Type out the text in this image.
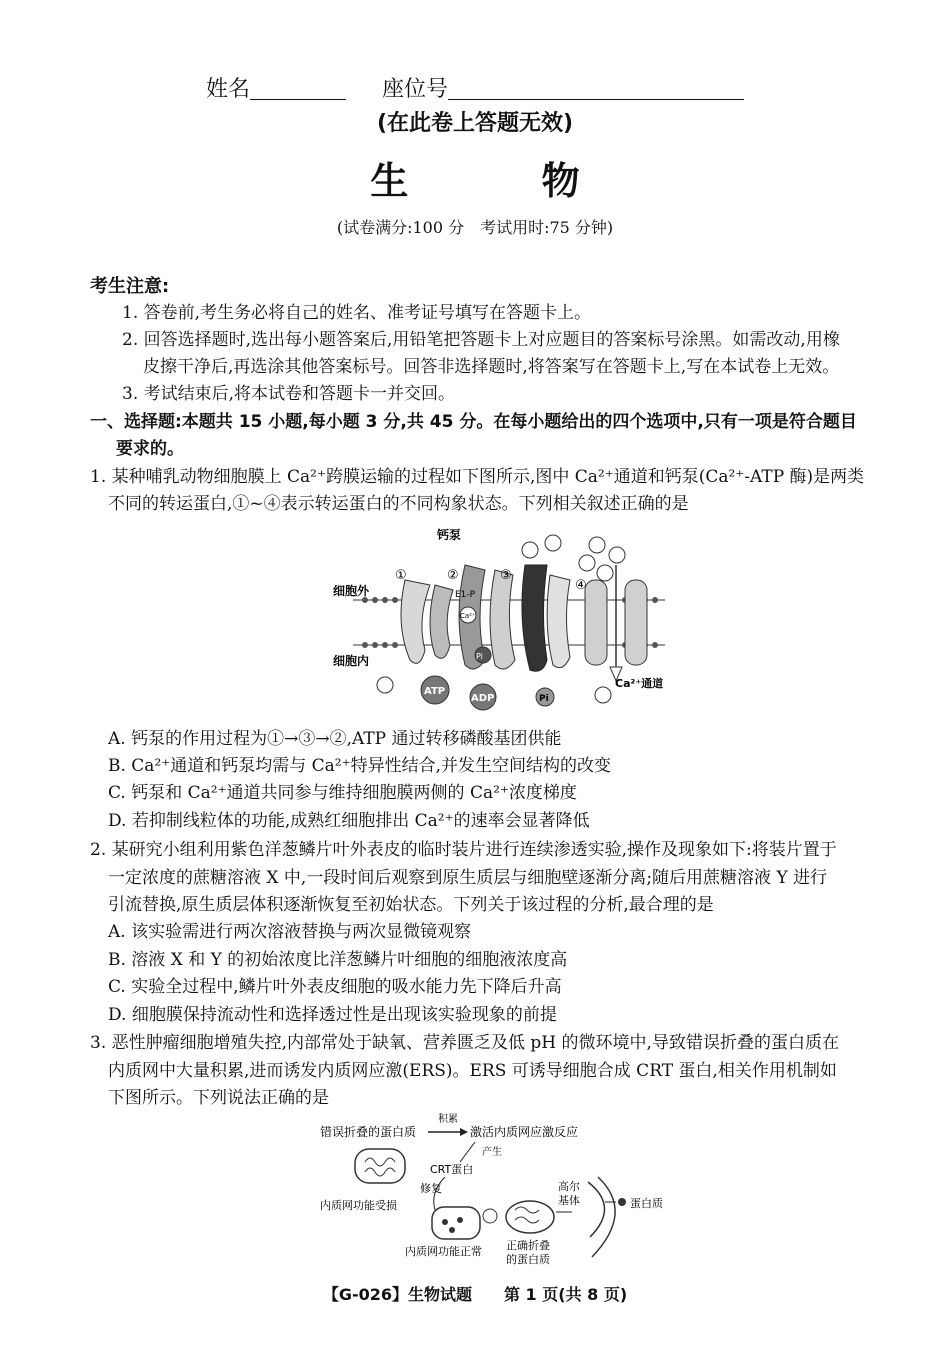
姓名	座位号
(在此卷上答题无效)
生 物
(试卷满分:100 分　考试用时:75 分钟)
考生注意:
1. 答卷前,考生务必将自己的姓名、准考证号填写在答题卡上。
2. 回答选择题时,选出每小题答案后,用铅笔把答题卡上对应题目的答案标号涂黑。如需改动,用橡
皮擦干净后,再选涂其他答案标号。回答非选择题时,将答案写在答题卡上,写在本试卷上无效。
3. 考试结束后,将本试卷和答题卡一并交回。
一、选择题:本题共 15 小题,每小题 3 分,共 45 分。在每小题给出的四个选项中,只有一项是符合题目
要求的。
1. 某种哺乳动物细胞膜上 Ca²⁺跨膜运输的过程如下图所示,图中 Ca²⁺通道和钙泵(Ca²⁺-ATP 酶)是两类
不同的转运蛋白,①~④表示转运蛋白的不同构象状态。下列相关叙述正确的是
钙泵
细胞外
细胞内
Ca²⁺通道
①	②	③
④
E1-P
ATP
ADP	Pi
Pi
Ca²⁺
A. 钙泵的作用过程为①→③→②,ATP 通过转移磷酸基团供能
B. Ca²⁺通道和钙泵均需与 Ca²⁺特异性结合,并发生空间结构的改变
C. 钙泵和 Ca²⁺通道共同参与维持细胞膜两侧的 Ca²⁺浓度梯度
D. 若抑制线粒体的功能,成熟红细胞排出 Ca²⁺的速率会显著降低
2. 某研究小组利用紫色洋葱鳞片叶外表皮的临时装片进行连续渗透实验,操作及现象如下:将装片置于
一定浓度的蔗糖溶液 X 中,一段时间后观察到原生质层与细胞壁逐渐分离;随后用蔗糖溶液 Y 进行
引流替换,原生质层体积逐渐恢复至初始状态。下列关于该过程的分析,最合理的是
A. 该实验需进行两次溶液替换与两次显微镜观察
B. 溶液 X 和 Y 的初始浓度比洋葱鳞片叶细胞的细胞液浓度高
C. 实验全过程中,鳞片叶外表皮细胞的吸水能力先下降后升高
D. 细胞膜保持流动性和选择透过性是出现该实验现象的前提
3. 恶性肿瘤细胞增殖失控,内部常处于缺氧、营养匮乏及低 pH 的微环境中,导致错误折叠的蛋白质在
内质网中大量积累,进而诱发内质网应激(ERS)。ERS 可诱导细胞合成 CRT 蛋白,相关作用机制如
下图所示。下列说法正确的是
错误折叠的蛋白质
积累
激活内质网应激反应
产生
CRT蛋白
内质网功能受损
修复
内质网功能正常 正确折叠
的蛋白质
高尔
基体	蛋白质
【G-026】生物试题　　第 1 页(共 8 页)
